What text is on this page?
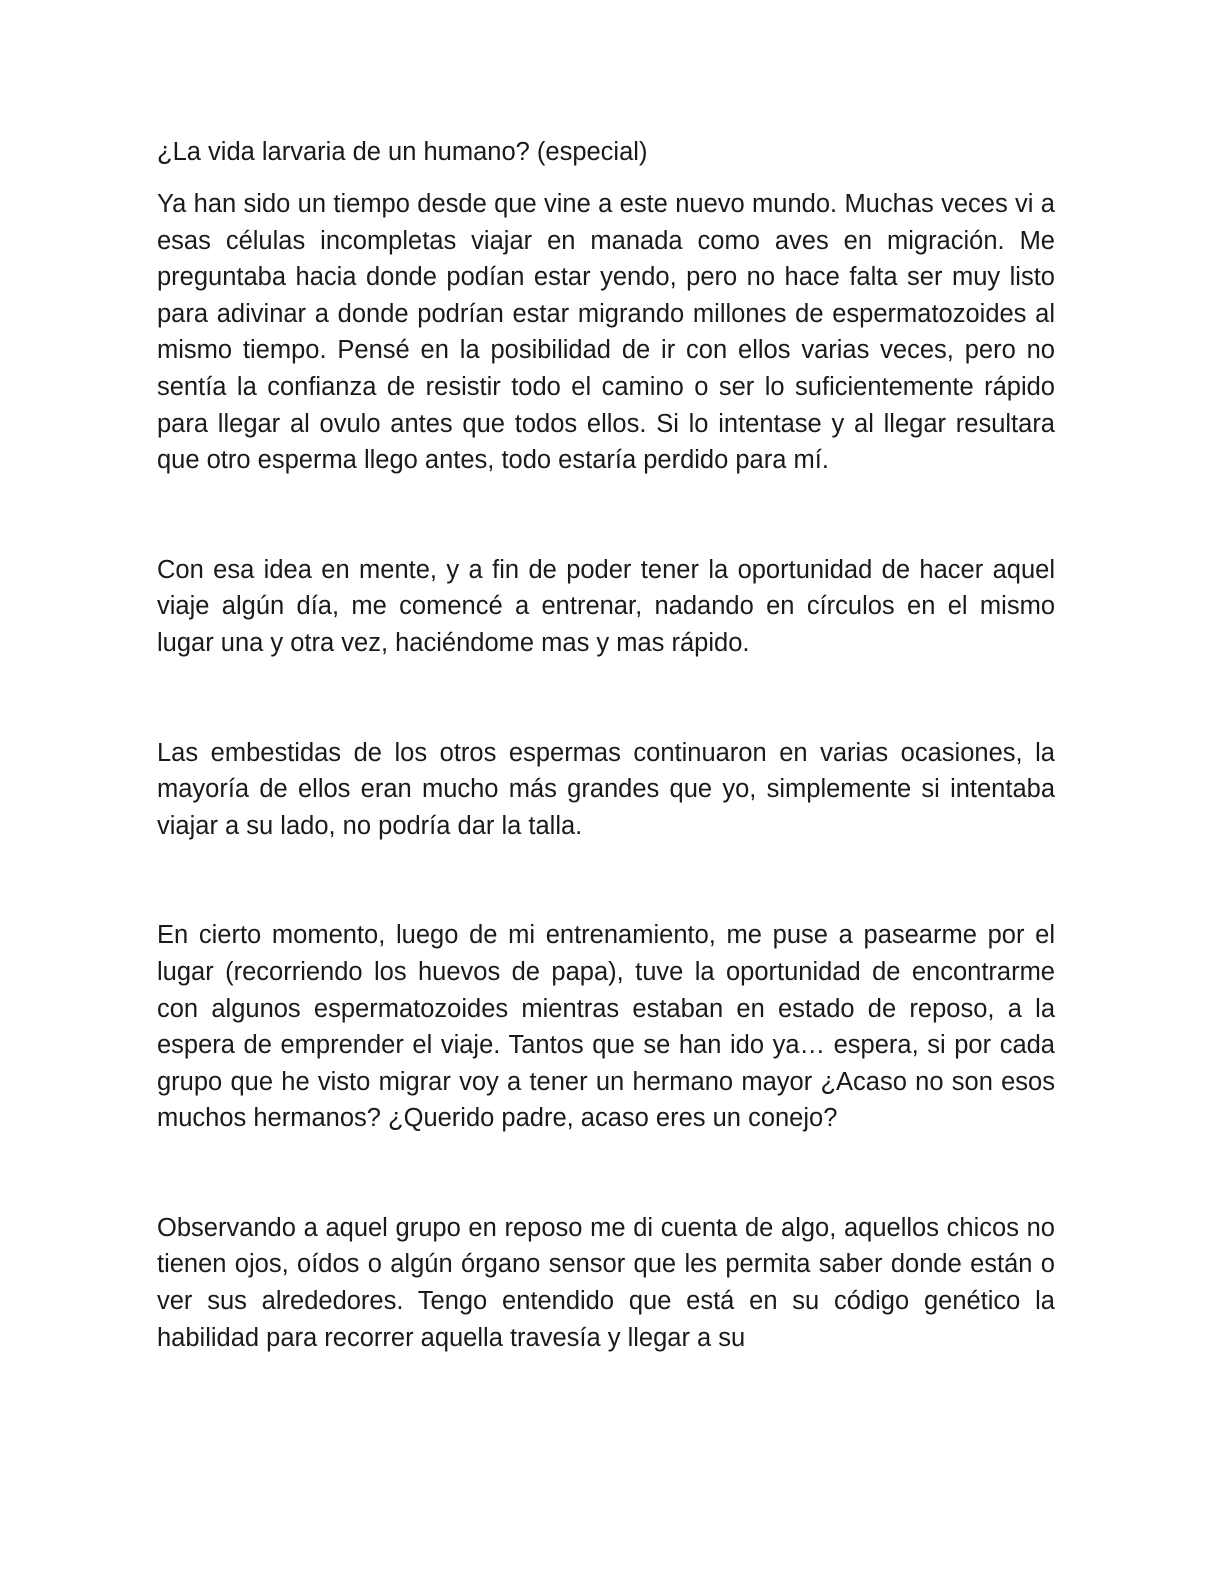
¿La vida larvaria de un humano? (especial)

Ya han sido un tiempo desde que vine a este nuevo mundo. Muchas veces vi a esas células incompletas viajar en manada como aves en migración. Me preguntaba hacia donde podían estar yendo, pero no hace falta ser muy listo para adivinar a donde podrían estar migrando millones de espermatozoides al mismo tiempo. Pensé en la posibilidad de ir con ellos varias veces, pero no sentía la confianza de resistir todo el camino o ser lo suficientemente rápido para llegar al ovulo antes que todos ellos. Si lo intentase y al llegar resultara que otro esperma llego antes, todo estaría perdido para mí.

Con esa idea en mente, y a fin de poder tener la oportunidad de hacer aquel viaje algún día, me comencé a entrenar, nadando en círculos en el mismo lugar una y otra vez, haciéndome mas y mas rápido.

Las embestidas de los otros espermas continuaron en varias ocasiones, la mayoría de ellos eran mucho más grandes que yo, simplemente si intentaba viajar a su lado, no podría dar la talla.

En cierto momento, luego de mi entrenamiento, me puse a pasearme por el lugar (recorriendo los huevos de papa), tuve la oportunidad de encontrarme con algunos espermatozoides mientras estaban en estado de reposo, a la espera de emprender el viaje. Tantos que se han ido ya… espera, si por cada grupo que he visto migrar voy a tener un hermano mayor ¿Acaso no son esos muchos hermanos? ¿Querido padre, acaso eres un conejo?

Observando a aquel grupo en reposo me di cuenta de algo, aquellos chicos no tienen ojos, oídos o algún órgano sensor que les permita saber donde están o ver sus alrededores. Tengo entendido que está en su código genético la habilidad para recorrer aquella travesía y llegar a su
